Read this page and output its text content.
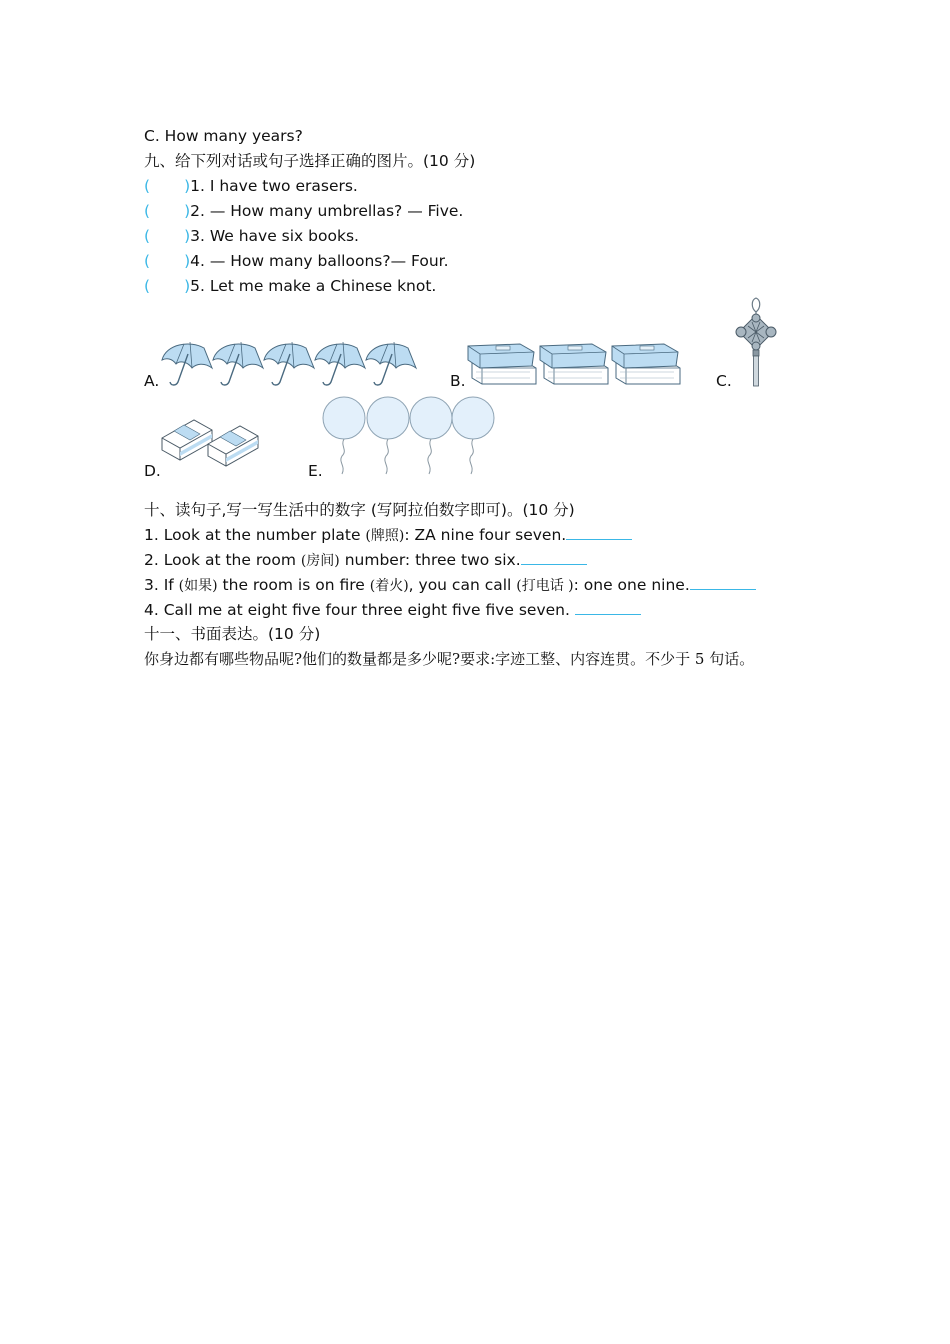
C. How many years?
九、给下列对话或句子选择正确的图片。(10 分)
( )1. I have two erasers.
( )2. — How many umbrellas? — Five.
( )3. We have six books.
( )4. — How many balloons?— Four.
( )5. Let me make a Chinese knot.
A.	B.	C.
D.	E.
十、读句子,写一写生活中的数字 (写阿拉伯数字即可)。(10 分)
1. Look at the number plate (牌照): ZA nine four seven.
2. Look at the room (房间) number: three two six.
3. If (如果) the room is on fire (着火), you can call (打电话 ): one one nine.
4. Call me at eight five four three eight five five seven.
十一、书面表达。(10 分)
你身边都有哪些物品呢?他们的数量都是多少呢?要求:字迹工整、内容连贯。不少于 5 句话。
